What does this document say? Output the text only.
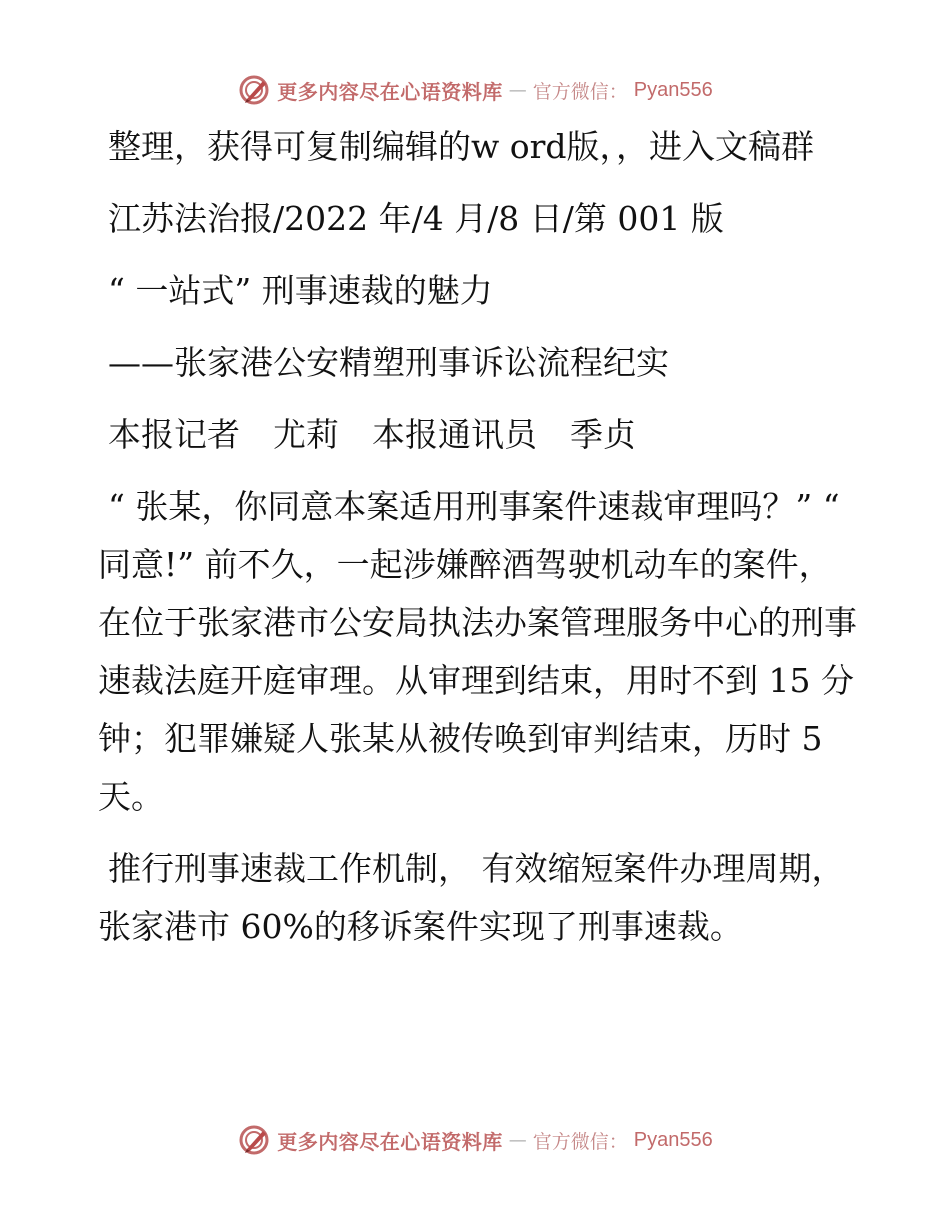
更多内容尽在心语资料库 — 官方微信： Pyan556

整理，获得可复制编辑的w ord版，，进入文稿群

江苏法治报/2022 年/4 月/8 日/第 001 版

“ 一站式” 刑事速裁的魅力

——张家港公安精塑刑事诉讼流程纪实

本报记者　尤莉　本报通讯员　季贞

“ 张某，你同意本案适用刑事案件速裁审理吗？” “ 同意!” 前不久，一起涉嫌醉酒驾驶机动车的案件，在位于张家港市公安局执法办案管理服务中心的刑事速裁法庭开庭审理。从审理到结束，用时不到 15 分钟；犯罪嫌疑人张某从被传唤到审判结束，历时 5 天。

推行刑事速裁工作机制， 有效缩短案件办理周期， 张家港市 60%的移诉案件实现了刑事速裁。

更多内容尽在心语资料库 — 官方微信： Pyan556
